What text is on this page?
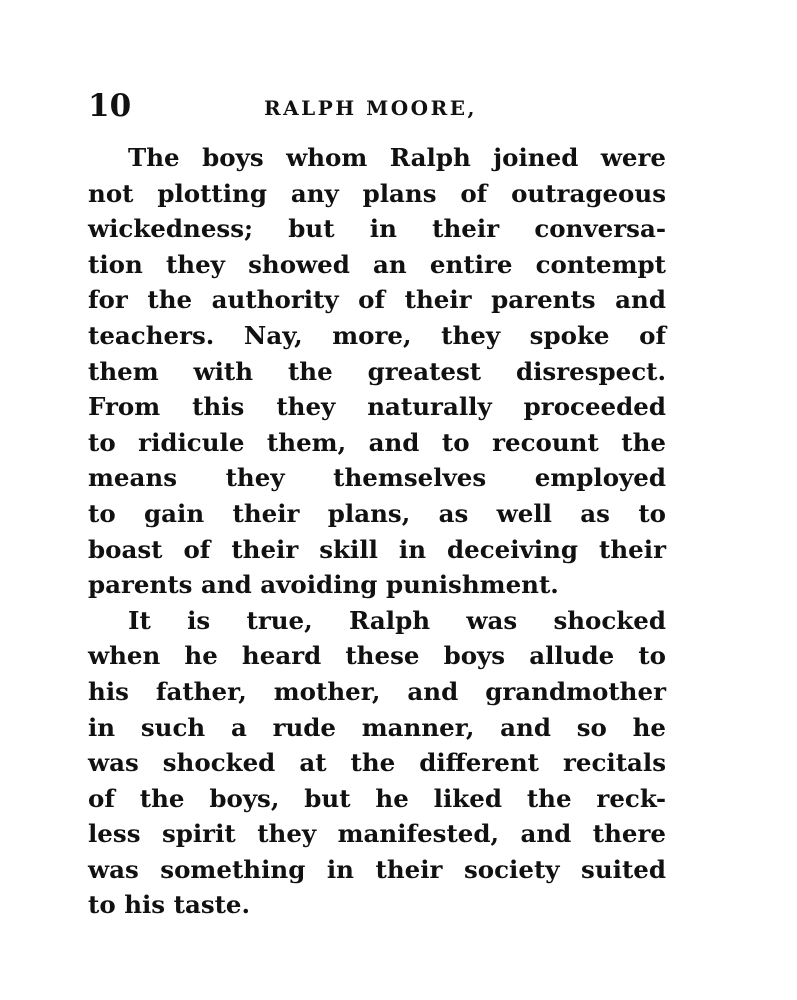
10	RALPH MOORE,
The boys whom Ralph joined were
not plotting any plans of outrageous
wickedness; but in their conversa-
tion they showed an entire contempt
for the authority of their parents and
teachers. Nay, more, they spoke of
them with the greatest disrespect.
From this they naturally proceeded
to ridicule them, and to recount the
means they themselves employed
to gain their plans, as well as to
boast of their skill in deceiving their
parents and avoiding punishment.
It is true, Ralph was shocked
when he heard these boys allude to
his father, mother, and grandmother
in such a rude manner, and so he
was shocked at the different recitals
of the boys, but he liked the reck-
less spirit they manifested, and there
was something in their society suited
to his taste.
